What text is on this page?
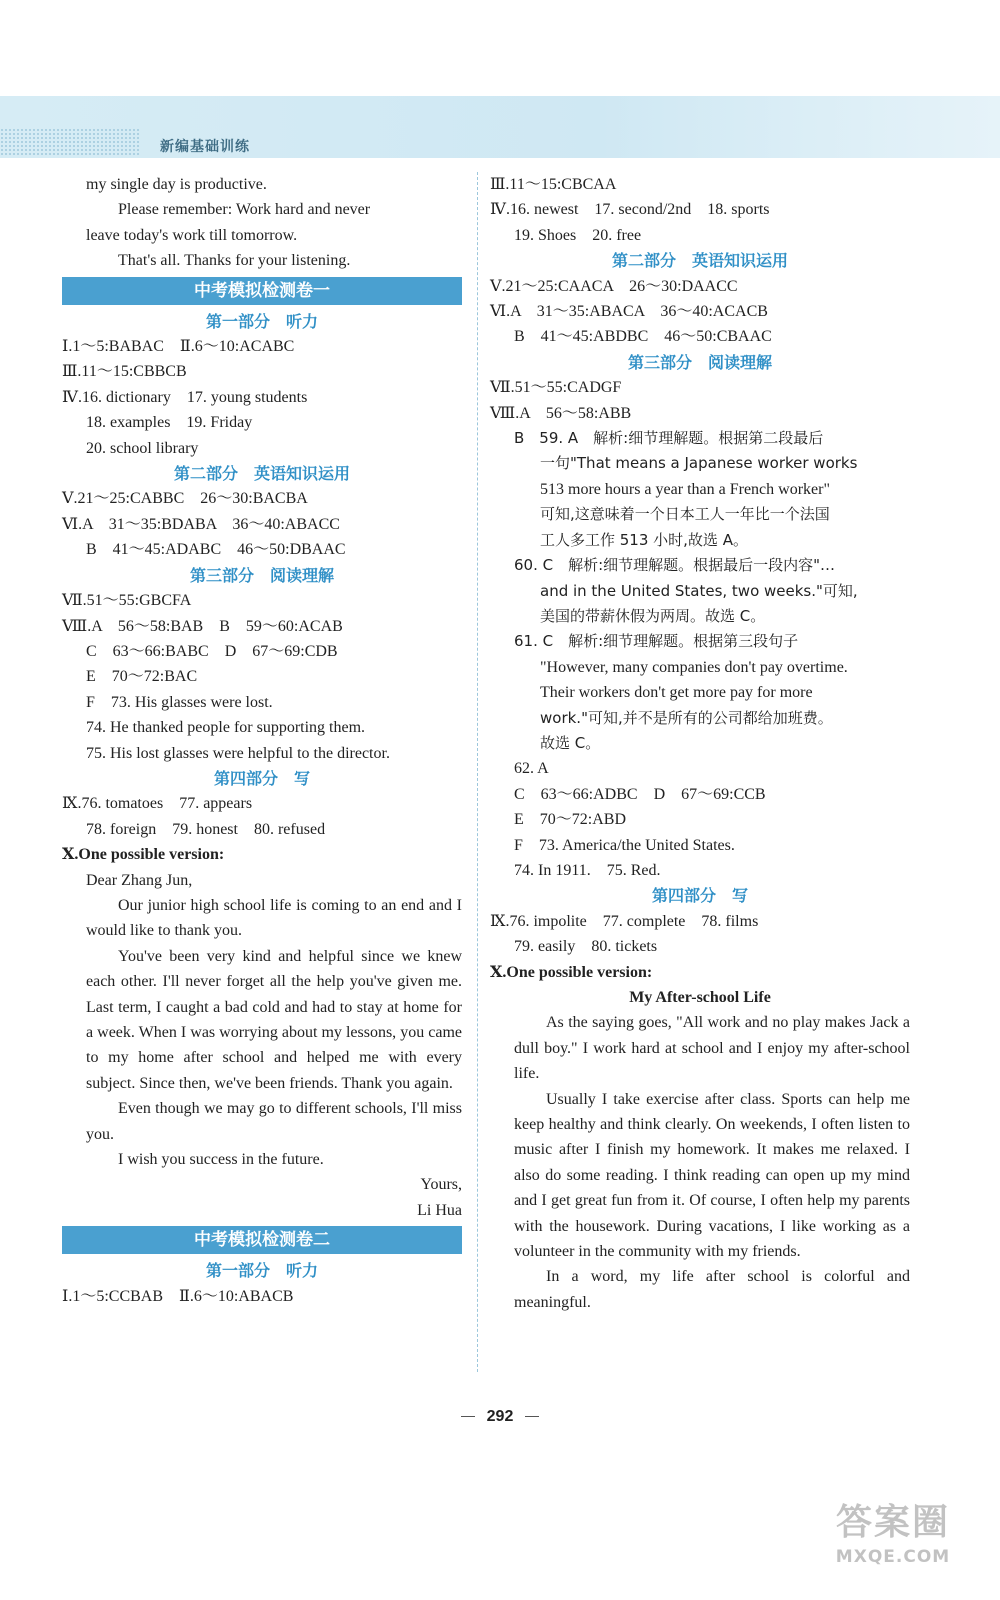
新编基础训练
my single day is productive.
Please remember: Work hard and never
leave today's work till tomorrow.
That's all. Thanks for your listening.
中考模拟检测卷一
第一部分　听力
Ⅰ.1～5:BABAC　Ⅱ.6～10:ACABC
Ⅲ.11～15:CBBCB
Ⅳ.16. dictionary　17. young students
18. examples　19. Friday
20. school library
第二部分　英语知识运用
Ⅴ.21～25:CABBC　26～30:BACBA
Ⅵ.A　31～35:BDABA　36～40:ABACC
B　41～45:ADABC　46～50:DBAAC
第三部分　阅读理解
Ⅶ.51～55:GBCFA
Ⅷ.A　56～58:BAB　B　59～60:ACAB
C　63～66:BABC　D　67～69:CDB
E　70～72:BAC
F　73. His glasses were lost.
74. He thanked people for supporting them.
75. His lost glasses were helpful to the director.
第四部分　写
Ⅸ.76. tomatoes　77. appears
78. foreign　79. honest　80. refused
Ⅹ.One possible version:
Dear Zhang Jun,

Our junior high school life is coming to an end and I would like to thank you.

You've been very kind and helpful since we knew each other. I'll never forget all the help you've given me. Last term, I caught a bad cold and had to stay at home for a week. When I was worrying about my lessons, you came to my home after school and helped me with every subject. Since then, we've been friends. Thank you again.

Even though we may go to different schools, I'll miss you.

I wish you success in the future.

Yours,
Li Hua
中考模拟检测卷二
第一部分　听力
Ⅰ.1～5:CCBAB　Ⅱ.6～10:ABACB
Ⅲ.11～15:CBCAA
Ⅳ.16. newest　17. second/2nd　18. sports
19. Shoes　20. free
第二部分　英语知识运用
Ⅴ.21～25:CAACA　26～30:DAACC
Ⅵ.A　31～35:ABACA　36～40:ACACB
B　41～45:ABDBC　46～50:CBAAC
第三部分　阅读理解
Ⅶ.51～55:CADGF
Ⅷ.A　56～58:ABB
B　59. A　解析:细节理解题。根据第二段最后
一句"That means a Japanese worker works
513 more hours a year than a French worker"
可知,这意味着一个日本工人一年比一个法国
工人多工作 513 小时,故选 A。
60. C　解析:细节理解题。根据最后一段内容"…
and in the United States, two weeks."可知,
美国的带薪休假为两周。故选 C。
61. C　解析:细节理解题。根据第三段句子
"However, many companies don't pay overtime.
Their workers don't get more pay for more
work."可知,并不是所有的公司都给加班费。
故选 C。
62. A
C　63～66:ADBC　D　67～69:CCB
E　70～72:ABD
F　73. America/the United States.
74. In 1911.　75. Red.
第四部分　写
Ⅸ.76. impolite　77. complete　78. films
79. easily　80. tickets
Ⅹ.One possible version:
My After-school Life

As the saying goes, "All work and no play makes Jack a dull boy." I work hard at school and I enjoy my after-school life.

Usually I take exercise after class. Sports can help me keep healthy and think clearly. On weekends, I often listen to music after I finish my homework. It makes me relaxed. I also do some reading. I think reading can open up my mind and I get great fun from it. Of course, I often help my parents with the housework. During vacations, I like working as a volunteer in the community with my friends.

In a word, my life after school is colorful and meaningful.

292
答案圈
MXQE.COM
